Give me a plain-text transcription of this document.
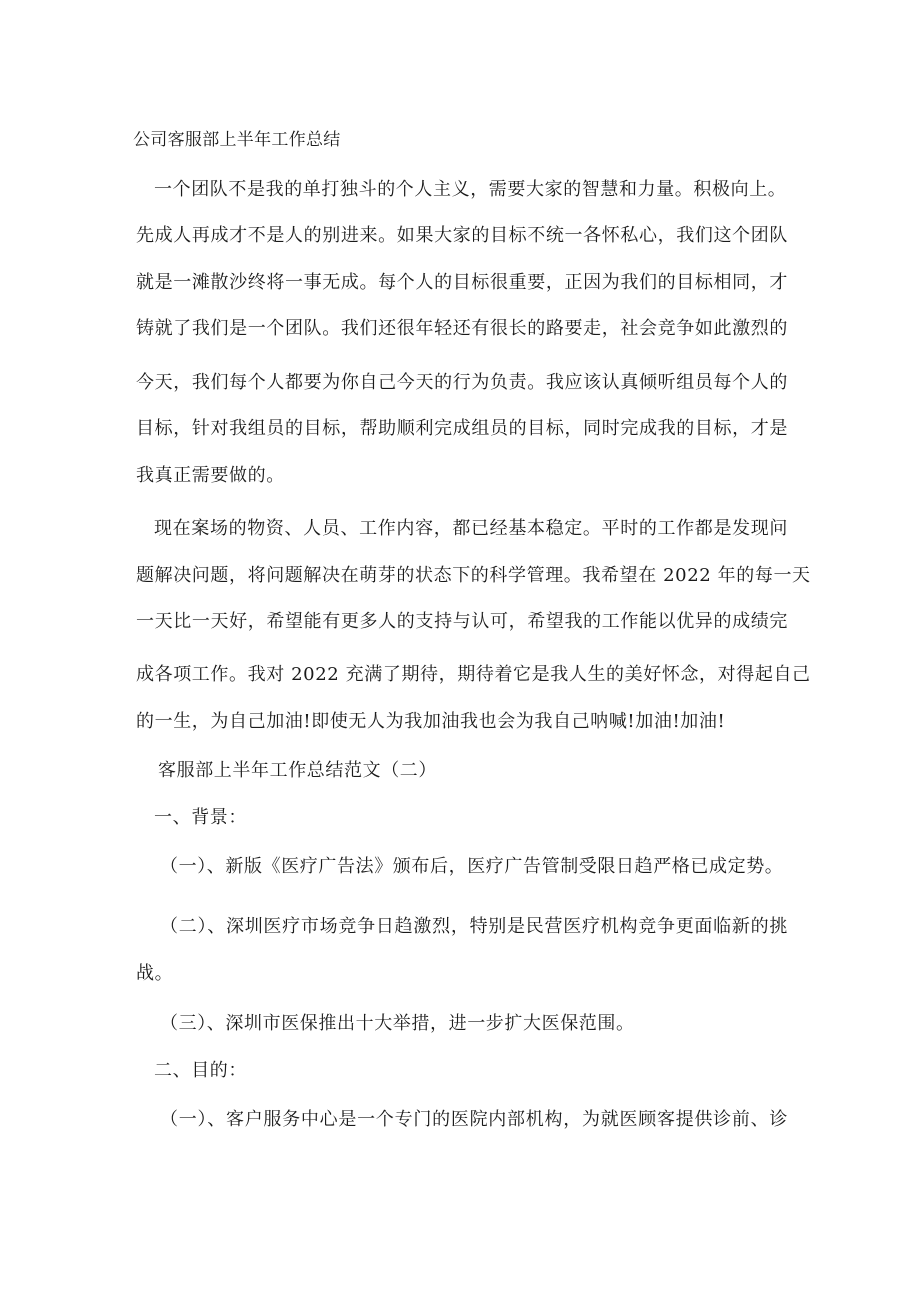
公司客服部上半年工作总结
一个团队不是我的单打独斗的个人主义，需要大家的智慧和力量。积极向上。
先成人再成才不是人的别进来。如果大家的目标不统一各怀私心，我们这个团队
就是一滩散沙终将一事无成。每个人的目标很重要，正因为我们的目标相同，才
铸就了我们是一个团队。我们还很年轻还有很长的路要走，社会竞争如此激烈的
今天，我们每个人都要为你自己今天的行为负责。我应该认真倾听组员每个人的
目标，针对我组员的目标，帮助顺利完成组员的目标，同时完成我的目标，才是
我真正需要做的。
现在案场的物资、人员、工作内容，都已经基本稳定。平时的工作都是发现问
题解决问题，将问题解决在萌芽的状态下的科学管理。我希望在 2022 年的每一天
一天比一天好，希望能有更多人的支持与认可，希望我的工作能以优异的成绩完
成各项工作。我对 2022 充满了期待，期待着它是我人生的美好怀念，对得起自己
的一生，为自己加油!即使无人为我加油我也会为我自己呐喊!加油!加油!
客服部上半年工作总结范文（二）
一、背景：
（一）、新版《医疗广告法》颁布后，医疗广告管制受限日趋严格已成定势。
（二）、深圳医疗市场竞争日趋激烈，特别是民营医疗机构竞争更面临新的挑
战。
（三）、深圳市医保推出十大举措，进一步扩大医保范围。
二、目的：
（一）、客户服务中心是一个专门的医院内部机构，为就医顾客提供诊前、诊
